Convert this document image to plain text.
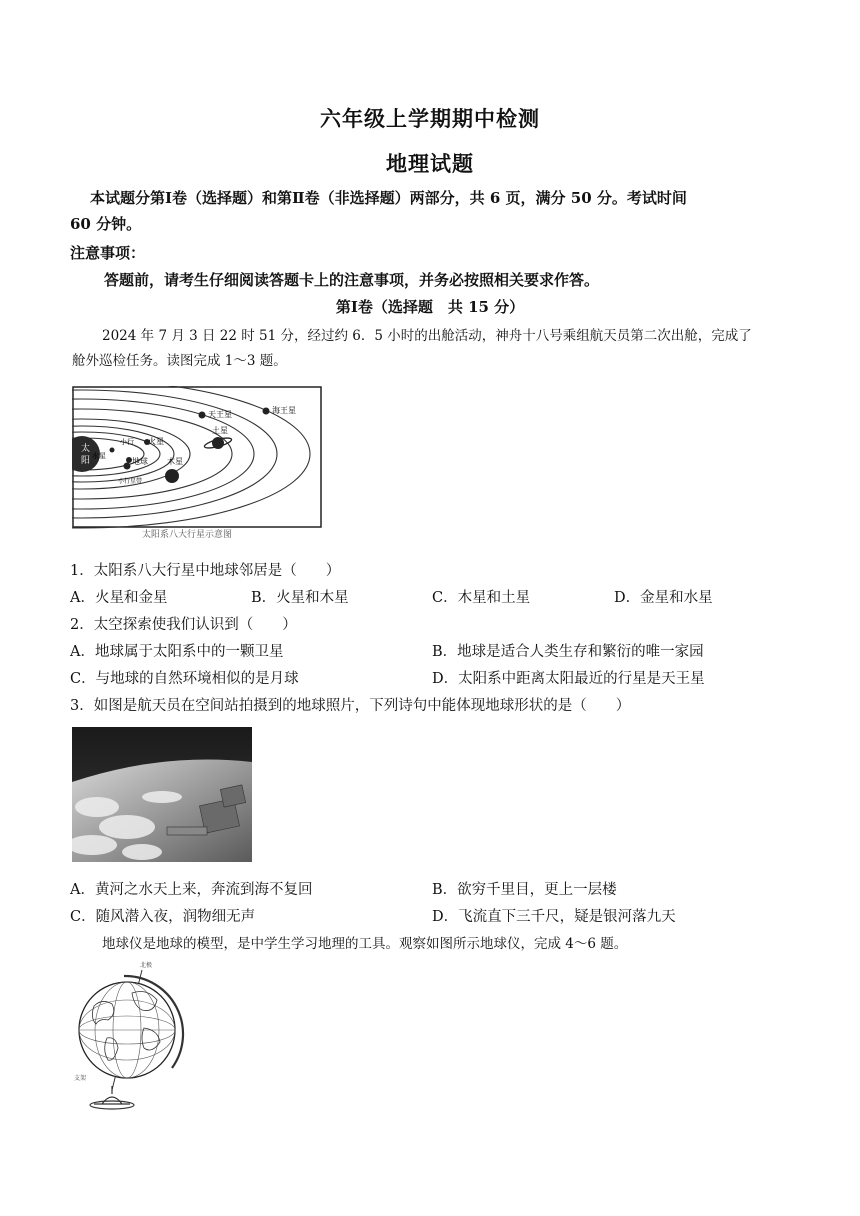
六年级上学期期中检测
地理试题
本试题分第Ⅰ卷（选择题）和第Ⅱ卷（非选择题）两部分，共 6 页，满分 50 分。考试时间
60 分钟。
注意事项：
答题前，请考生仔细阅读答题卡上的注意事项，并务必按照相关要求作答。
第Ⅰ卷（选择题　共 15 分）
2024 年 7 月 3 日 22 时 51 分，经过约 6．5 小时的出舱活动，神舟十八号乘组航天员第二次出舱，完成了
舱外巡检任务。读图完成 1～3 题。
太
阳 水星
地球
火星
小行
小行星带
木星
土星
天王星	海王星
太阳系八大行星示意图
1．太阳系八大行星中地球邻居是（　　）
A．火星和金星	B．火星和木星	C．木星和土星	D．金星和水星
2．太空探索使我们认识到（　　）
A．地球属于太阳系中的一颗卫星	B．地球是适合人类生存和繁衍的唯一家园
C．与地球的自然环境相似的是月球	D．太阳系中距离太阳最近的行星是天王星
3．如图是航天员在空间站拍摄到的地球照片，下列诗句中能体现地球形状的是（　　）
A．黄河之水天上来，奔流到海不复回	B．欲穷千里目，更上一层楼
C．随风潜入夜，润物细无声	D．飞流直下三千尺，疑是银河落九天
地球仪是地球的模型，是中学生学习地理的工具。观察如图所示地球仪，完成 4～6 题。
北极
支架
